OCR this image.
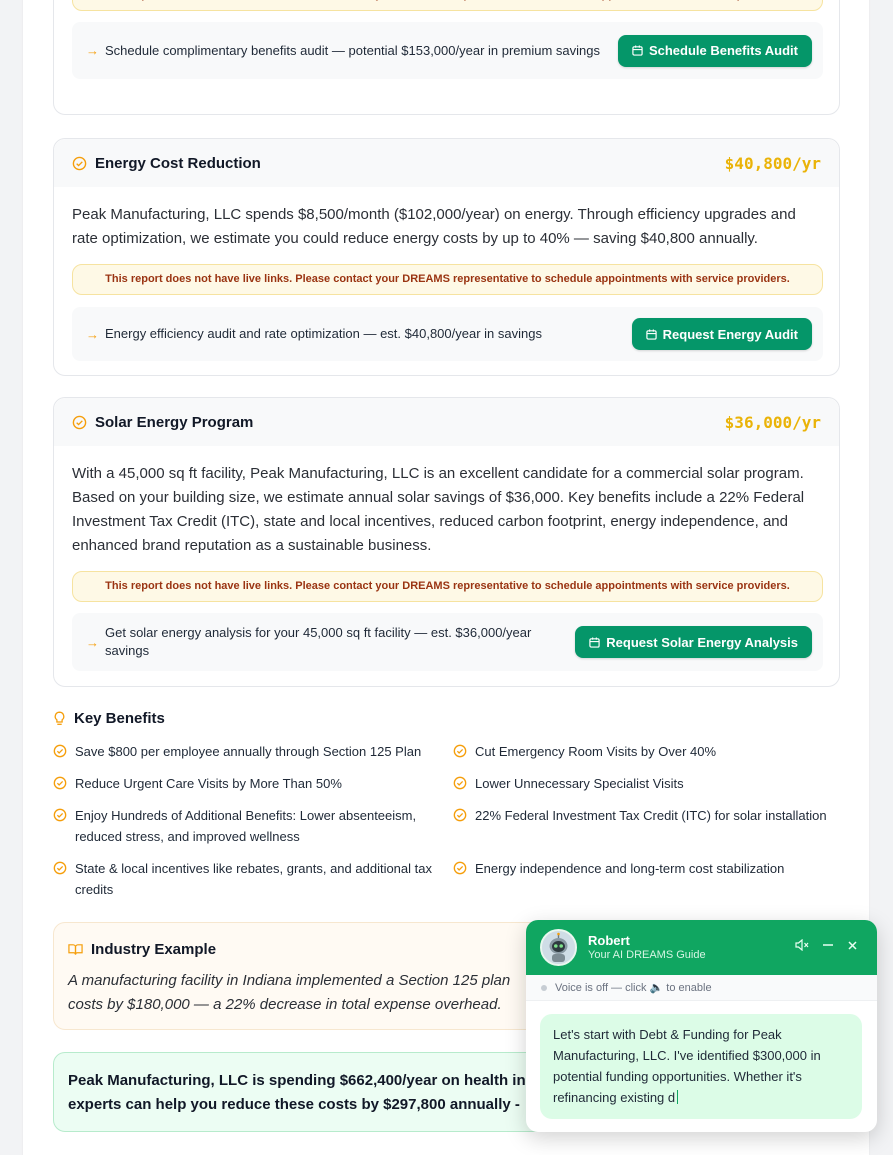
→ Schedule complimentary benefits audit — potential $153,000/year in premium savings	Schedule Benefits Audit
Energy Cost Reduction	$40,800/yr

Peak Manufacturing, LLC spends $8,500/month ($102,000/year) on energy. Through efficiency upgrades and rate optimization, we estimate you could reduce energy costs by up to 40% — saving $40,800 annually.

This report does not have live links. Please contact your DREAMS representative to schedule appointments with service providers.
→ Energy efficiency audit and rate optimization — est. $40,800/year in savings	Request Energy Audit
Solar Energy Program	$36,000/yr

With a 45,000 sq ft facility, Peak Manufacturing, LLC is an excellent candidate for a commercial solar program. Based on your building size, we estimate annual solar savings of $36,000. Key benefits include a 22% Federal Investment Tax Credit (ITC), state and local incentives, reduced carbon footprint, energy independence, and enhanced brand reputation as a sustainable business.

This report does not have live links. Please contact your DREAMS representative to schedule appointments with service providers.
→
Get solar energy analysis for your 45,000 sq ft facility — est. $36,000/year savings
Request Solar Energy Analysis
Key Benefits
Save $800 per employee annually through Section 125 Plan	Cut Emergency Room Visits by Over 40%
Reduce Urgent Care Visits by More Than 50%	Lower Unnecessary Specialist Visits
Enjoy Hundreds of Additional Benefits: Lower absenteeism, reduced stress, and improved wellness
22% Federal Investment Tax Credit (ITC) for solar installation
State & local incentives like rebates, grants, and additional tax credits
Energy independence and long-term cost stabilization
Industry Example

A manufacturing facility in Indiana implemented a Section 125 plan costs by $180,000 — a 22% decrease in total expense overhead.

Peak Manufacturing, LLC is spending $662,400/year on health in experts can help you reduce these costs by $297,800 annually -

Robert
Your AI DREAMS Guide
Voice is off — click 🔈 to enable
Let's start with Debt & Funding for Peak Manufacturing, LLC. I've identified $300,000 in potential funding opportunities. Whether it's refinancing existing d
